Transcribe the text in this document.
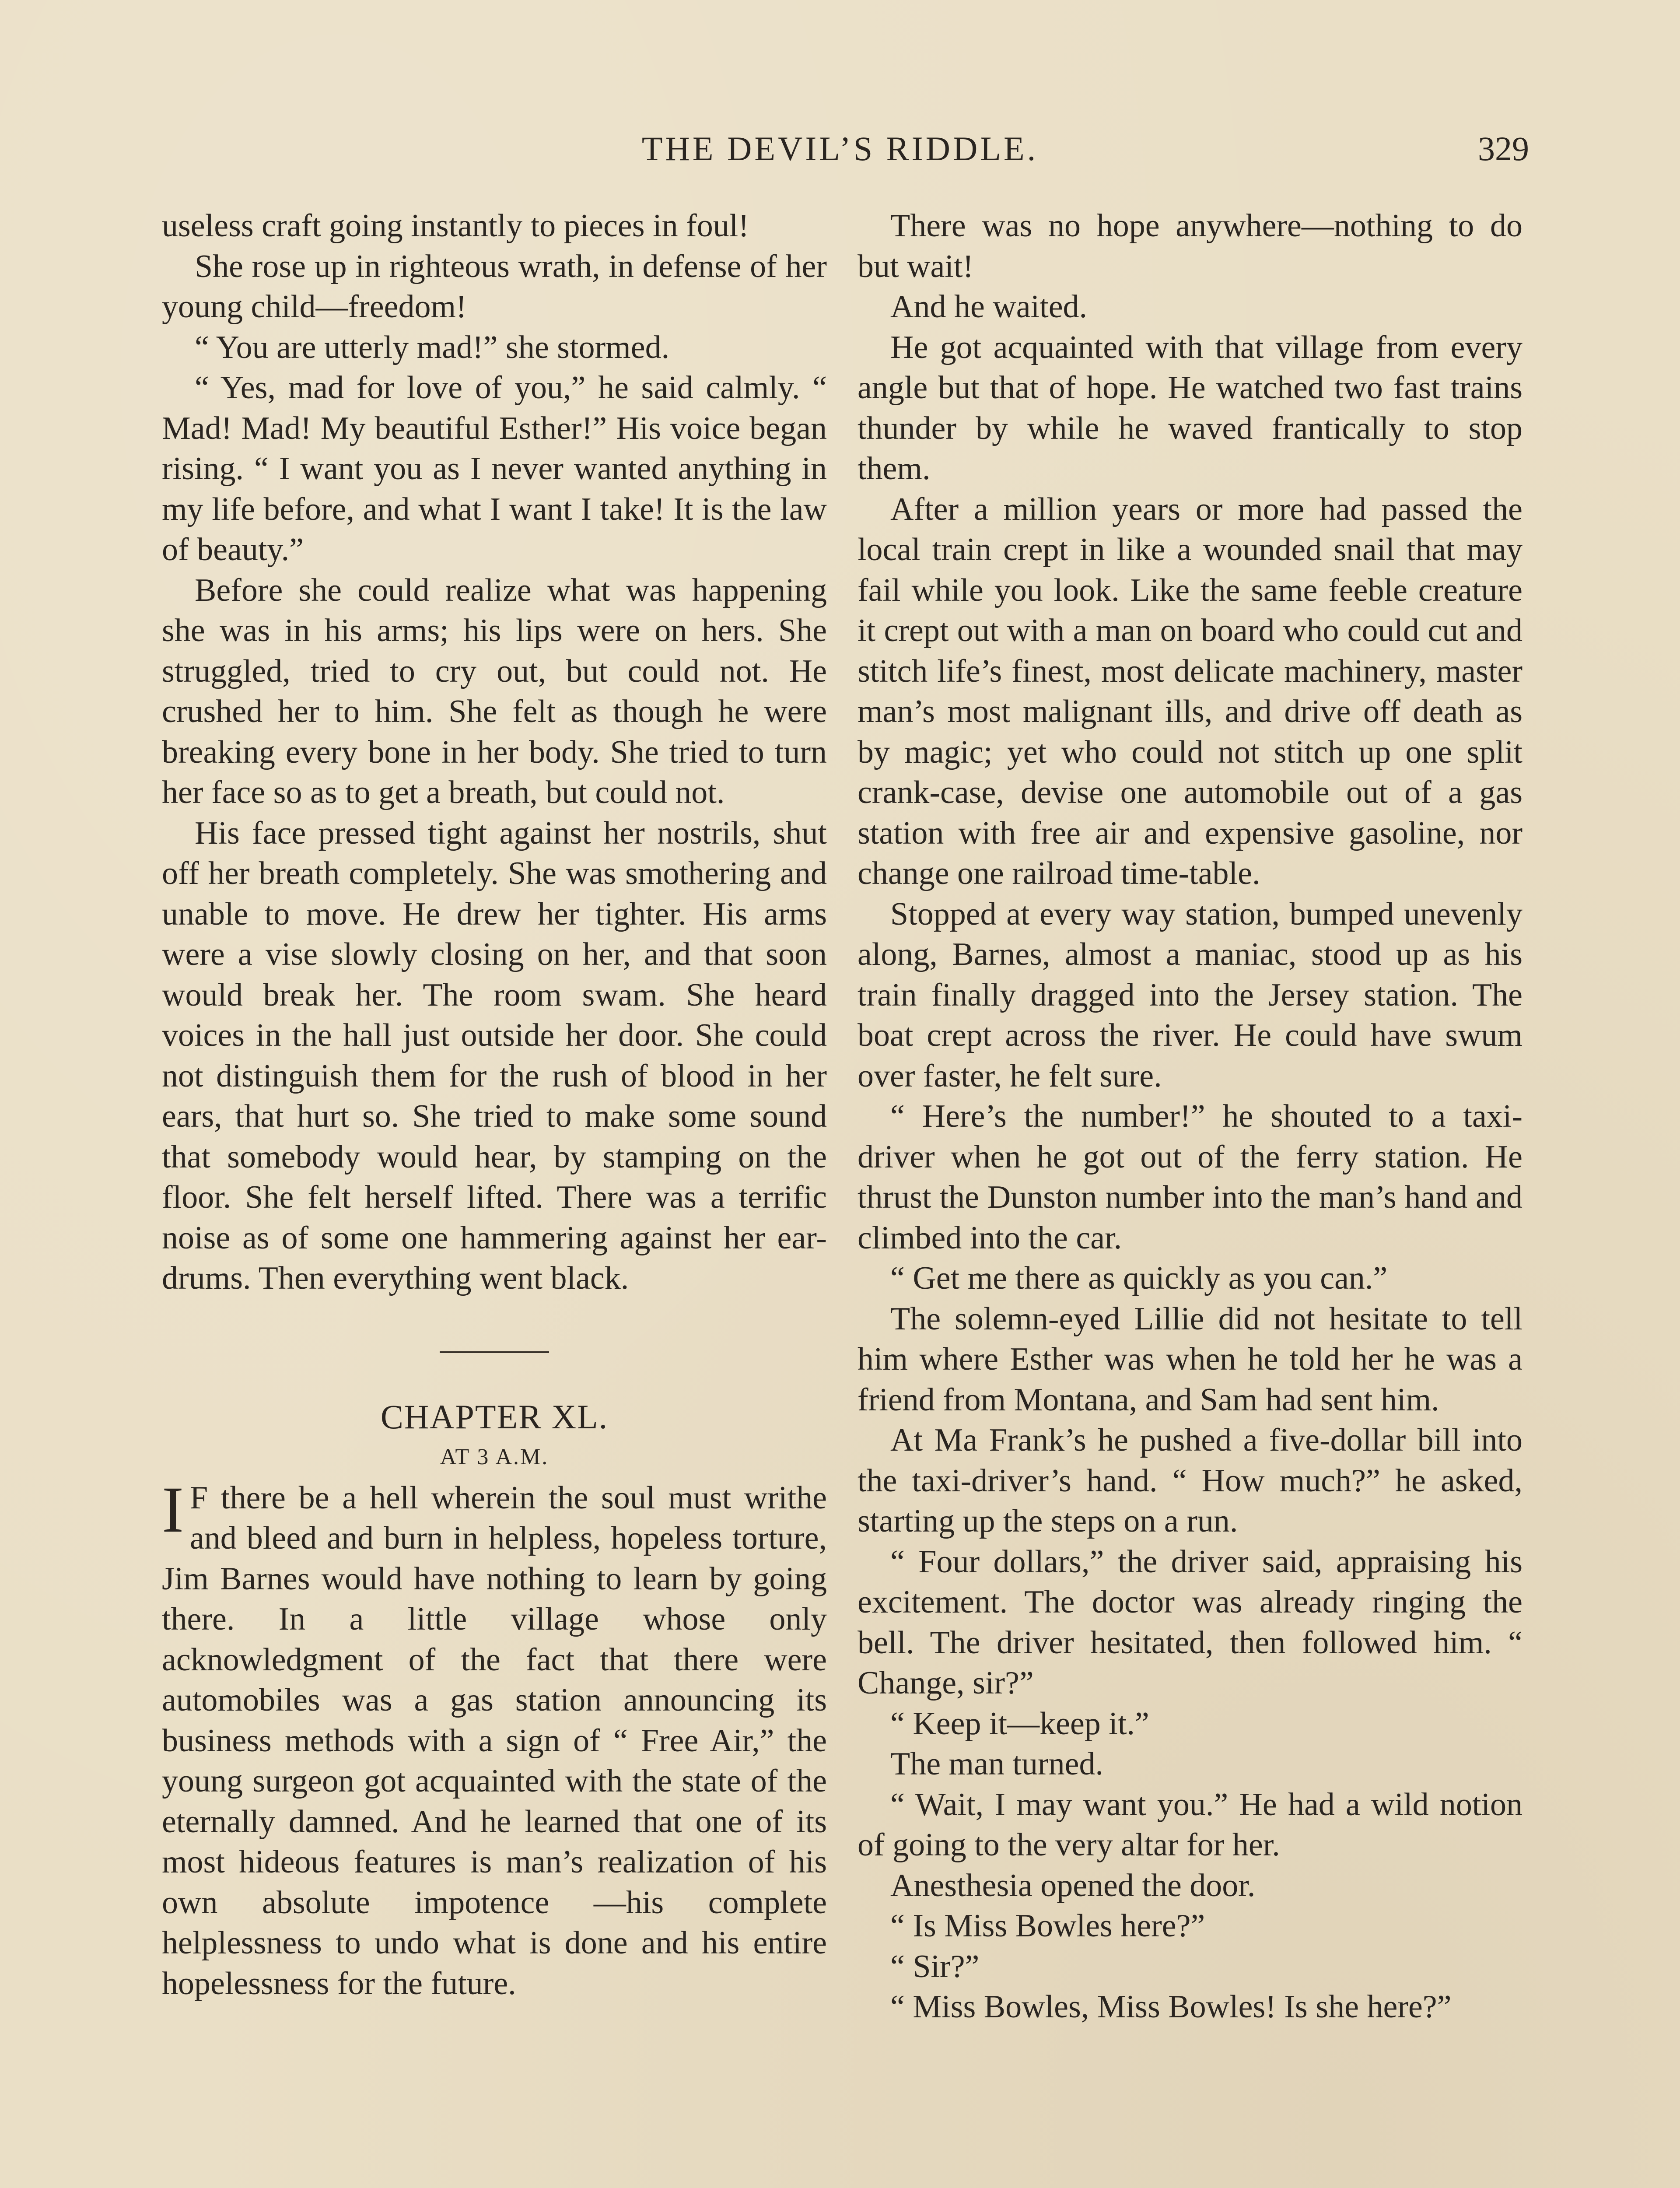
THE DEVIL’S RIDDLE.	329

useless craft going instantly to pieces in foul!

She rose up in righteous wrath, in defense of her young child—freedom!

“ You are utterly mad!” she stormed.

“ Yes, mad for love of you,” he said calmly. “ Mad! Mad! My beautiful Esther!” His voice began rising. “ I want you as I never wanted anything in my life before, and what I want I take! It is the law of beauty.”

Before she could realize what was happening she was in his arms; his lips were on hers. She struggled, tried to cry out, but could not. He crushed her to him. She felt as though he were breaking every bone in her body. She tried to turn her face so as to get a breath, but could not.

His face pressed tight against her nostrils, shut off her breath completely. She was smothering and unable to move. He drew her tighter. His arms were a vise slowly closing on her, and that soon would break her. The room swam. She heard voices in the hall just outside her door. She could not distinguish them for the rush of blood in her ears, that hurt so. She tried to make some sound that somebody would hear, by stamping on the floor. She felt herself lifted. There was a terrific noise as of some one hammering against her ear-drums. Then everything went black.

CHAPTER XL.

AT 3 A.M.

I F there be a hell wherein the soul must writhe and bleed and burn in helpless, hopeless torture, Jim Barnes would have nothing to learn by going there. In a little village whose only acknowledgment of the fact that there were automobiles was a gas station announcing its business methods with a sign of “ Free Air,” the young surgeon got acquainted with the state of the eternally damned. And he learned that one of its most hideous features is man’s realization of his own absolute impotence —his complete helplessness to undo what is done and his entire hopelessness for the future.

There was no hope anywhere—nothing to do but wait!

And he waited.

He got acquainted with that village from every angle but that of hope. He watched two fast trains thunder by while he waved frantically to stop them.

After a million years or more had passed the local train crept in like a wounded snail that may fail while you look. Like the same feeble creature it crept out with a man on board who could cut and stitch life’s finest, most delicate machinery, master man’s most malignant ills, and drive off death as by magic; yet who could not stitch up one split crank-case, devise one automobile out of a gas station with free air and expensive gasoline, nor change one railroad time-table.

Stopped at every way station, bumped unevenly along, Barnes, almost a maniac, stood up as his train finally dragged into the Jersey station. The boat crept across the river. He could have swum over faster, he felt sure.

“ Here’s the number!” he shouted to a taxi-driver when he got out of the ferry station. He thrust the Dunston number into the man’s hand and climbed into the car.

“ Get me there as quickly as you can.”

The solemn-eyed Lillie did not hesitate to tell him where Esther was when he told her he was a friend from Montana, and Sam had sent him.

At Ma Frank’s he pushed a five-dollar bill into the taxi-driver’s hand. “ How much?” he asked, starting up the steps on a run.

“ Four dollars,” the driver said, appraising his excitement. The doctor was already ringing the bell. The driver hesitated, then followed him. “ Change, sir?”

“ Keep it—keep it.”

The man turned.

“ Wait, I may want you.” He had a wild notion of going to the very altar for her.

Anesthesia opened the door.

“ Is Miss Bowles here?”

“ Sir?”

“ Miss Bowles, Miss Bowles! Is she here?”
